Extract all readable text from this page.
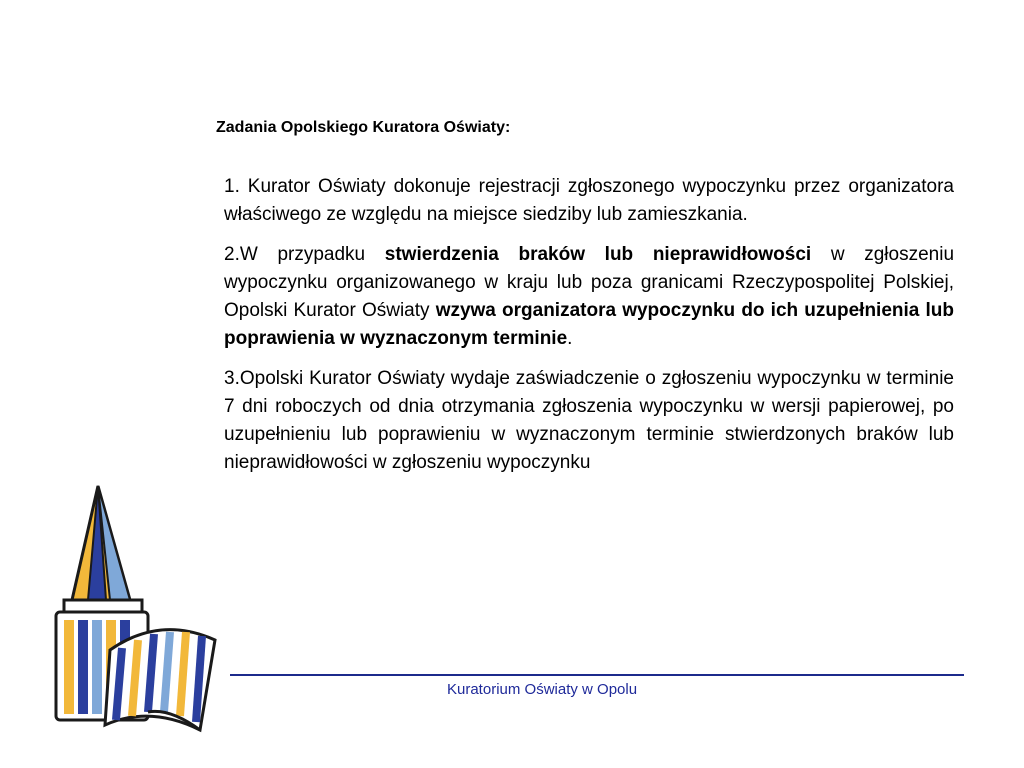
Zadania Opolskiego Kuratora Oświaty:

1. Kurator Oświaty dokonuje rejestracji zgłoszonego wypoczynku przez organizatora właściwego ze względu na miejsce siedziby lub zamieszkania.

2.W przypadku stwierdzenia braków lub nieprawidłowości w zgłoszeniu wypoczynku organizowanego w kraju lub poza granicami Rzeczypospolitej Polskiej, Opolski Kurator Oświaty wzywa organizatora wypoczynku do ich uzupełnienia lub poprawienia w wyznaczonym terminie.

3.Opolski Kurator Oświaty wydaje zaświadczenie o zgłoszeniu wypoczynku w terminie 7 dni roboczych od dnia otrzymania zgłoszenia wypoczynku w wersji papierowej, po uzupełnieniu lub poprawieniu w wyznaczonym terminie stwierdzonych braków lub nieprawidłowości w zgłoszeniu wypoczynku

Kuratorium Oświaty w Opolu
